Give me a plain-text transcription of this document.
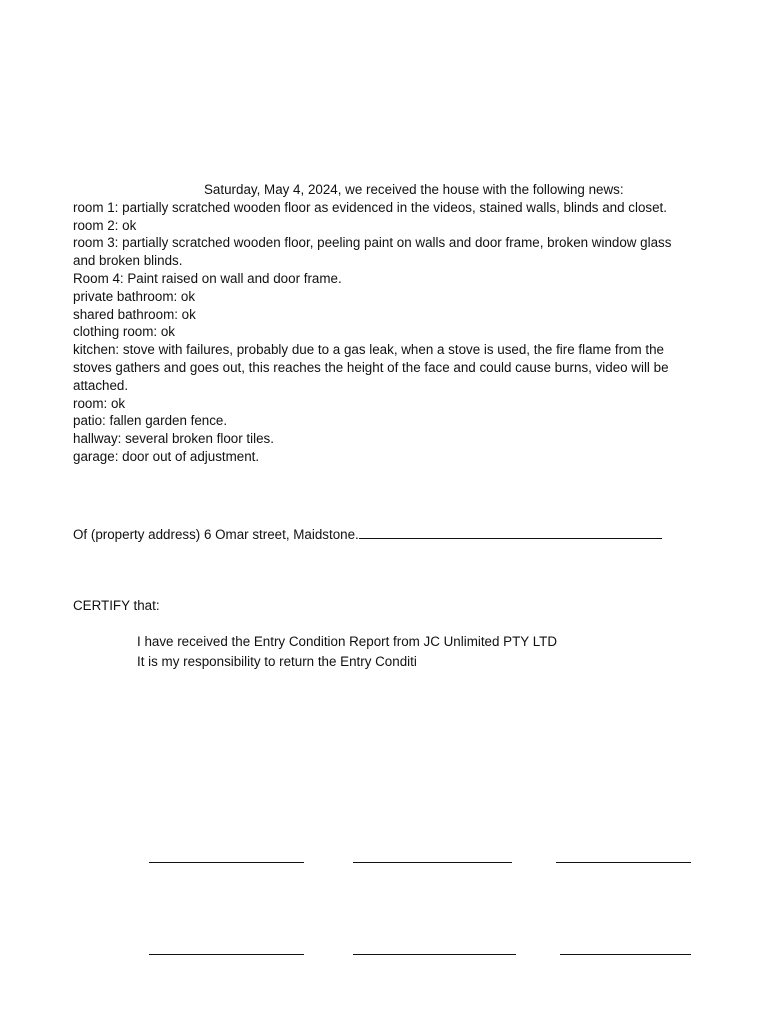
Saturday, May 4, 2024, we received the house with the following news:

room 1: partially scratched wooden floor as evidenced in the videos, stained walls, blinds and closet.

room 2: ok

room 3: partially scratched wooden floor, peeling paint on walls and door frame, broken window glass and broken blinds.

Room 4: Paint raised on wall and door frame.

private bathroom: ok

shared bathroom: ok

clothing room: ok

kitchen: stove with failures, probably due to a gas leak, when a stove is used, the fire flame from the stoves gathers and goes out, this reaches the height of the face and could cause burns, video will be attached.

room: ok

patio: fallen garden fence.

hallway: several broken floor tiles.

garage: door out of adjustment.

Of (property address) 6 Omar street, Maidstone.
CERTIFY that:

I have received the Entry Condition Report from JC Unlimited PTY LTD

It is my responsibility to return the Entry Conditi
